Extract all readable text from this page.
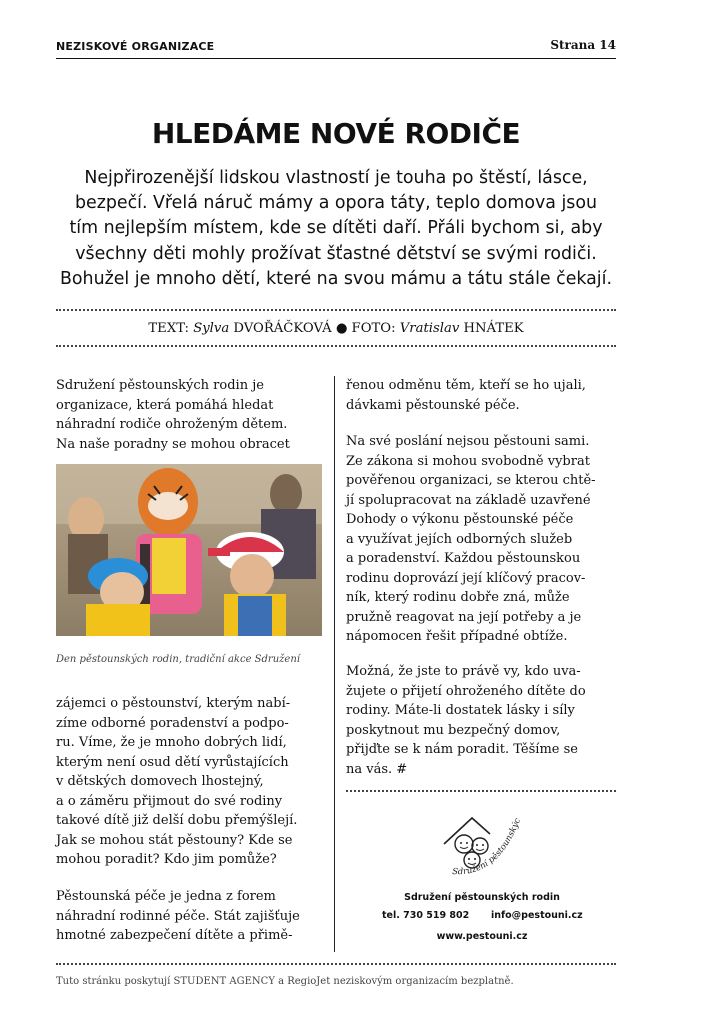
NEZISKOVÉ ORGANIZACE	Strana 14
HLEDÁME NOVÉ RODIČE
Nejpřirozenější lidskou vlastností je touha po štěstí, lásce,
bezpečí. Vřelá náruč mámy a opora táty, teplo domova jsou
tím nejlepším místem, kde se dítěti daří. Přáli bychom si, aby
všechny děti mohly prožívat šťastné dětství se svými rodiči.
Bohužel je mnoho dětí, které na svou mámu a tátu stále čekají.
TEXT: Sylva DVOŘÁČKOVÁ ● FOTO: Vratislav HNÁTEK
Sdružení pěstounských rodin je
organizace, která pomáhá hledat
náhradní rodiče ohroženým dětem.
Na naše poradny se mohou obracet
Den pěstounských rodin, tradiční akce Sdružení
zájemci o pěstounství, kterým nabí-
zíme odborné poradenství a podpo-
ru. Víme, že je mnoho dobrých lidí,
kterým není osud dětí vyrůstajících
v dětských domovech lhostejný,
a o záměru přijmout do své rodiny
takové dítě již delší dobu přemýšlejí.
Jak se mohou stát pěstouny? Kde se
mohou poradit? Kdo jim pomůže?
Pěstounská péče je jedna z forem
náhradní rodinné péče. Stát zajišťuje
hmotné zabezpečení dítěte a přimě-
řenou odměnu těm, kteří se ho ujali,
dávkami pěstounské péče.
Na své poslání nejsou pěstouni sami.
Ze zákona si mohou svobodně vybrat
pověřenou organizaci, se kterou chtě-
jí spolupracovat na základě uzavřené
Dohody o výkonu pěstounské péče
a využívat jejích odborných služeb
a poradenství. Každou pěstounskou
rodinu doprovází její klíčový pracov-
ník, který rodinu dobře zná, může
pružně reagovat na její potřeby a je
nápomocen řešit případné obtíže.
Možná, že jste to právě vy, kdo uva-
žujete o přijetí ohroženého dítěte do
rodiny. Máte-li dostatek lásky i síly
poskytnout mu bezpečný domov,
přijďte se k nám poradit. Těšíme se
na vás. #
Sdružení pěstounskýc
Sdružení pěstounských rodin
tel. 730 519 802 info@pestouni.cz
www.pestouni.cz
Tuto stránku poskytují STUDENT AGENCY a RegioJet neziskovým organizacím bezplatně.
